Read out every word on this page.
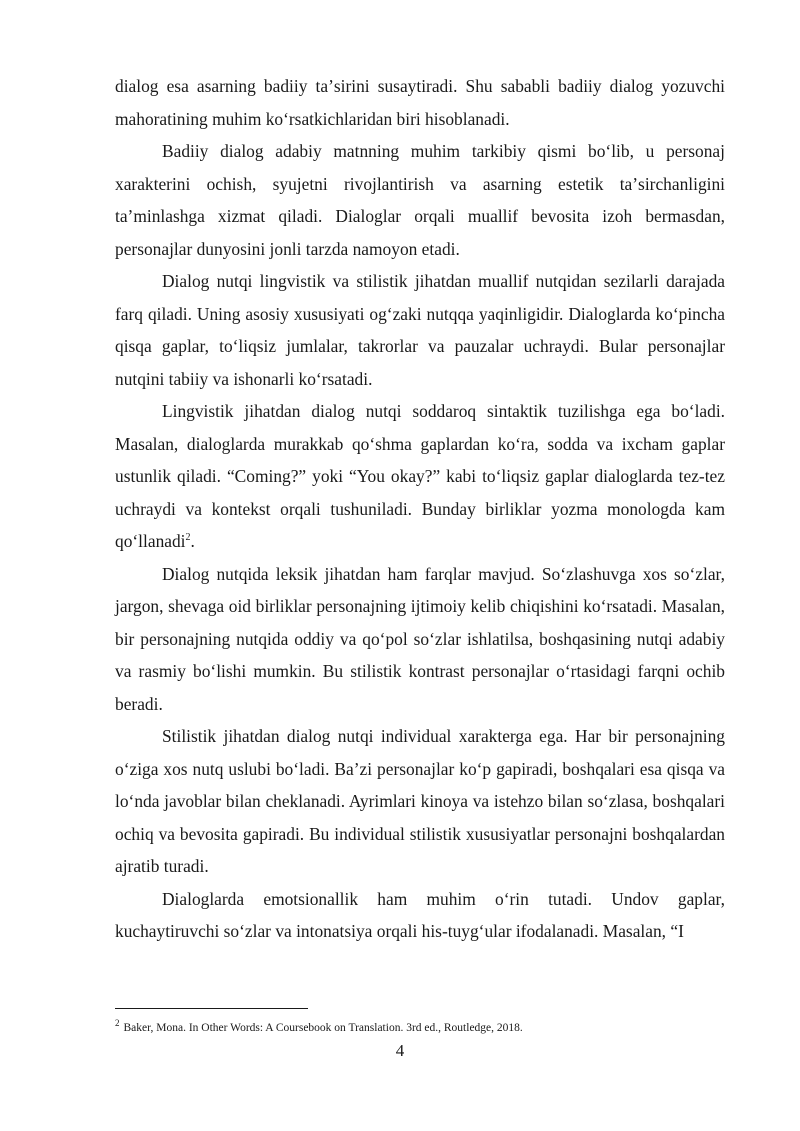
dialog esa asarning badiiy taʼsirini susaytiradi. Shu sababli badiiy dialog yozuvchi mahoratining muhim koʻrsatkichlaridan biri hisoblanadi.

Badiiy dialog adabiy matnning muhim tarkibiy qismi boʻlib, u personaj xarakterini ochish, syujetni rivojlantirish va asarning estetik taʼsirchanligini taʼminlashga xizmat qiladi. Dialoglar orqali muallif bevosita izoh bermasdan, personajlar dunyosini jonli tarzda namoyon etadi.

Dialog nutqi lingvistik va stilistik jihatdan muallif nutqidan sezilarli darajada farq qiladi. Uning asosiy xususiyati ogʻzaki nutqqa yaqinligidir. Dialoglarda koʻpincha qisqa gaplar, toʻliqsiz jumlalar, takrorlar va pauzalar uchraydi. Bular personajlar nutqini tabiiy va ishonarli koʻrsatadi.

Lingvistik jihatdan dialog nutqi soddaroq sintaktik tuzilishga ega boʻladi. Masalan, dialoglarda murakkab qoʻshma gaplardan koʻra, sodda va ixcham gaplar ustunlik qiladi. “Coming?” yoki “You okay?” kabi toʻliqsiz gaplar dialoglarda tez-tez uchraydi va kontekst orqali tushuniladi. Bunday birliklar yozma monologda kam qoʻllanadi$^2$.

Dialog nutqida leksik jihatdan ham farqlar mavjud. Soʻzlashuvga xos soʻzlar, jargon, shevaga oid birliklar personajning ijtimoiy kelib chiqishini koʻrsatadi. Masalan, bir personajning nutqida oddiy va qoʻpol soʻzlar ishlatilsa, boshqasining nutqi adabiy va rasmiy boʻlishi mumkin. Bu stilistik kontrast personajlar oʻrtasidagi farqni ochib beradi.

Stilistik jihatdan dialog nutqi individual xarakterga ega. Har bir personajning oʻziga xos nutq uslubi boʻladi. Baʼzi personajlar koʻp gapiradi, boshqalari esa qisqa va loʻnda javoblar bilan cheklanadi. Ayrimlari kinoya va istehzo bilan soʻzlasa, boshqalari ochiq va bevosita gapiradi. Bu individual stilistik xususiyatlar personajni boshqalardan ajratib turadi.

Dialoglarda emotsionallik ham muhim oʻrin tutadi. Undov gaplar, kuchaytiruvchi soʻzlar va intonatsiya orqali his-tuygʻular ifodalanadi. Masalan, “I

$^2$ Baker, Mona. In Other Words: A Coursebook on Translation. 3rd ed., Routledge, 2018.

4
